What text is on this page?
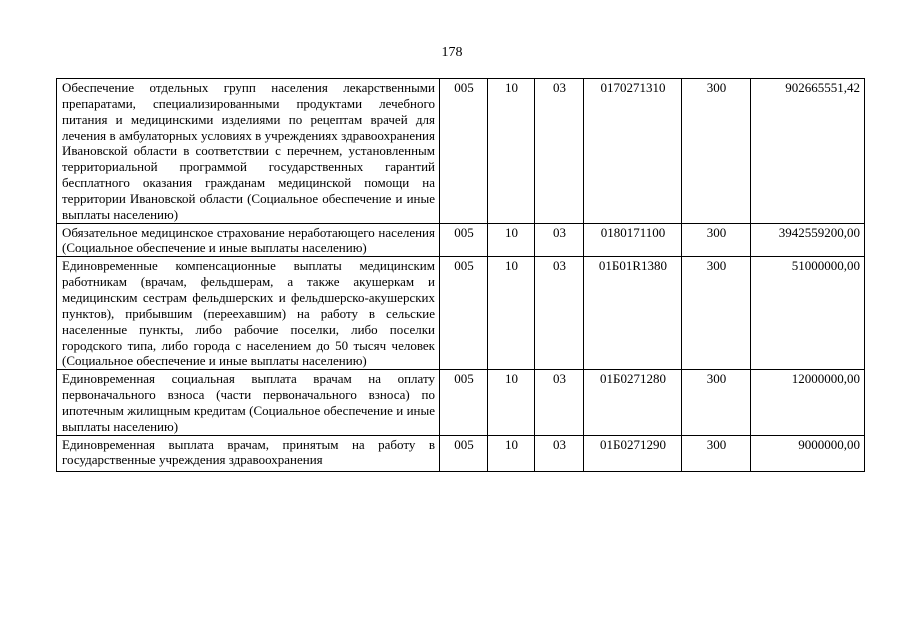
178
Обеспечение отдельных групп населения лекарственными препаратами, специализированными продуктами лечебного питания и медицинскими изделиями по рецептам врачей для лечения в амбулаторных условиях в учреждениях здравоохранения Ивановской области в соответствии с перечнем, установленным территориальной программой государственных гарантий бесплатного оказания гражданам медицинской помощи на территории Ивановской области (Социальное обеспечение и иные выплаты населению)	005	10	03	0170271310	300	902665551,42
Обязательное медицинское страхование неработающего населения (Социальное обеспечение и иные выплаты населению)	005	10	03	0180171100	300	3942559200,00
Единовременные компенсационные выплаты медицинским работникам (врачам, фельдшерам, а также акушеркам и медицинским сестрам фельдшерских и фельдшерско-акушерских пунктов), прибывшим (переехавшим) на работу в сельские населенные пункты, либо рабочие поселки, либо поселки городского типа, либо города с населением до 50 тысяч человек (Социальное обеспечение и иные выплаты населению)	005	10	03	01Б01R1380	300	51000000,00
Единовременная социальная выплата врачам на оплату первоначального взноса (части первоначального взноса) по ипотечным жилищным кредитам (Социальное обеспечение и иные выплаты населению)	005	10	03	01Б0271280	300	12000000,00
Единовременная выплата врачам, принятым на работу в государственные учреждения здравоохранения	005	10	03	01Б0271290	300	9000000,00
